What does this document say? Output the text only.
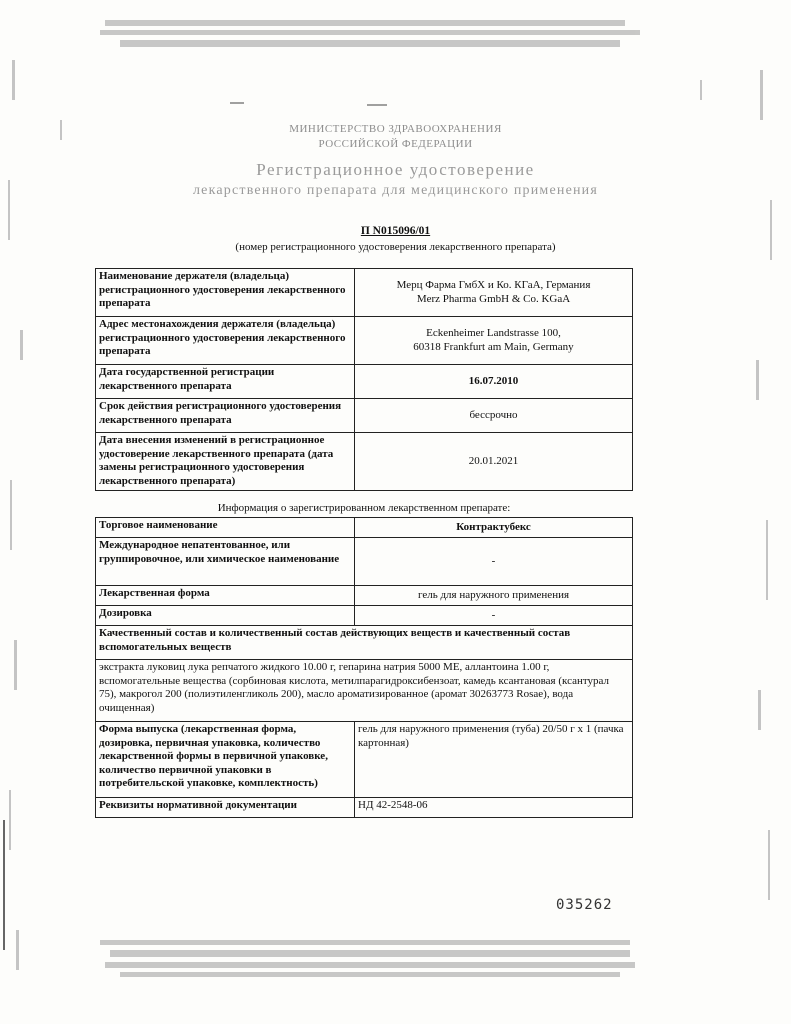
МИНИСТЕРСТВО ЗДРАВООХРАНЕНИЯ
РОССИЙСКОЙ ФЕДЕРАЦИИ
Регистрационное удостоверение
лекарственного препарата для медицинского применения
П N015096/01
(номер регистрационного удостоверения лекарственного препарата)
Наименование держателя (владельца) регистрационного удостоверения лекарственного препарата	Мерц Фарма ГмбХ и Ко. КГаА, Германия
Merz Pharma GmbH & Co. KGaA

Адрес местонахождения держателя (владельца) регистрационного удостоверения лекарственного препарата	Eckenheimer Landstrasse 100,
60318 Frankfurt am Main, Germany

Дата государственной регистрации лекарственного препарата	16.07.2010
Срок действия регистрационного удостоверения лекарственного препарата	бессрочно
Дата внесения изменений в регистрационное удостоверение лекарственного препарата (дата замены регистрационного удостоверения лекарственного препарата)	20.01.2021
Информация о зарегистрированном лекарственном препарате:
Торговое наименование	Контрактубекс
Международное непатентованное, или группировочное, или химическое наименование	-
Лекарственная форма	гель для наружного применения
Дозировка	-
Качественный состав и количественный состав действующих веществ и качественный состав вспомогательных веществ	
экстракта луковиц лука репчатого жидкого 10.00 г, гепарина натрия 5000 МЕ, аллантоина 1.00 г, вспомогательные вещества (сорбиновая кислота, метилпарагидроксибензоат, камедь ксантановая (ксантурал 75), макрогол 200 (полиэтиленгликоль 200), масло ароматизированное (аромат 30263773 Rosae), вода очищенная)	
Форма выпуска (лекарственная форма, дозировка, первичная упаковка, количество лекарственной формы в первичной упаковке, количество первичной упаковки в потребительской упаковке, комплектность)	гель для наружного применения (туба) 20/50 г х 1 (пачка картонная)
Реквизиты нормативной документации	НД 42-2548-06
035262
